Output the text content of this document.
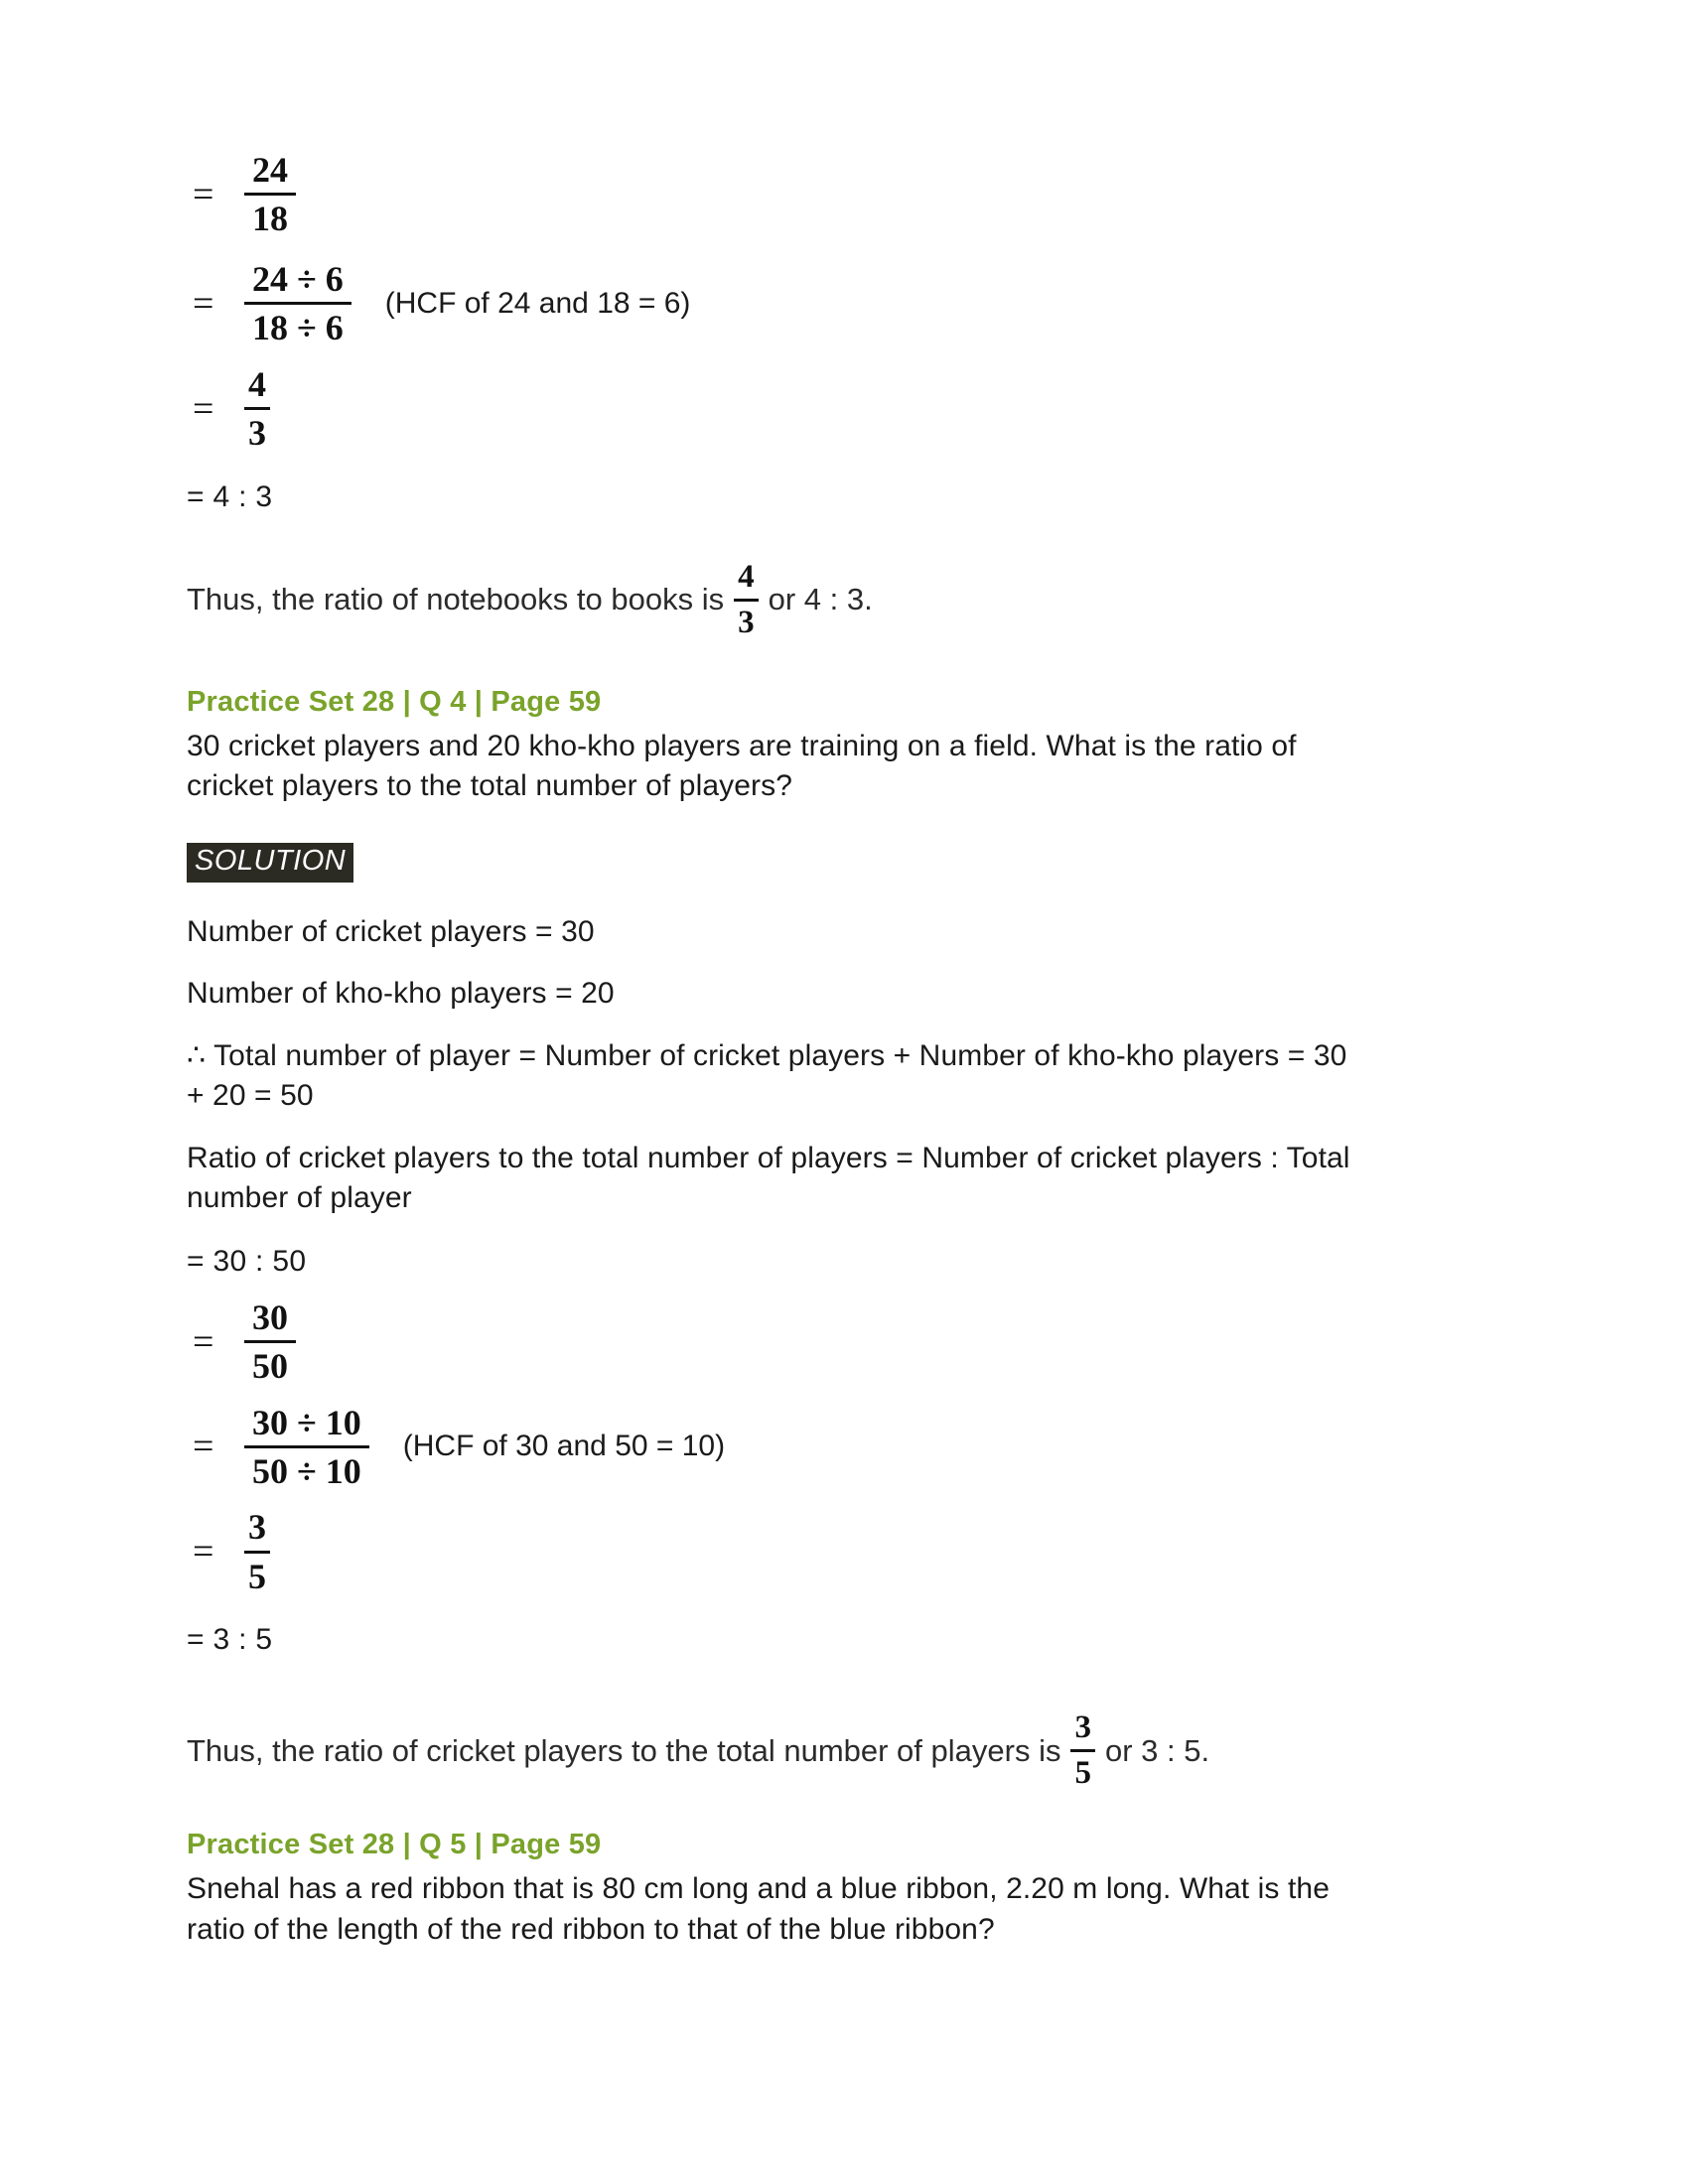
= $\frac{24}{18}$
= $\frac{24 \div 6}{18 \div 6} (HCF$ of 24 and 18 = 6)
= $\frac{4}{3}$
= 4 : 3
Thus, the ratio of notebooks to books is $\frac{4}{3}$ or 4 : 3.
Practice Set 28 | Q 4 | Page 59
30 cricket players and 20 kho-kho players are training on a field. What is the ratio of cricket players to the total number of players?
SOLUTION
Number of cricket players = 30
Number of kho-kho players = 20
∴ Total number of player = Number of cricket players + Number of kho-kho players = 30 + 20 = 50
Ratio of cricket players to the total number of players = Number of cricket players : Total number of player
= 30 : 50
= $\frac{30}{50}$
= $\frac{30 \div 10}{50 \div 10} (HCF$ of 30 and 50 = 10)
= $\frac{3}{5}$
= 3 : 5
Thus, the ratio of cricket players to the total number of players is $\frac{3}{5}$ or 3 : 5.
Practice Set 28 | Q 5 | Page 59
Snehal has a red ribbon that is 80 cm long and a blue ribbon, 2.20 m long. What is the ratio of the length of the red ribbon to that of the blue ribbon?
